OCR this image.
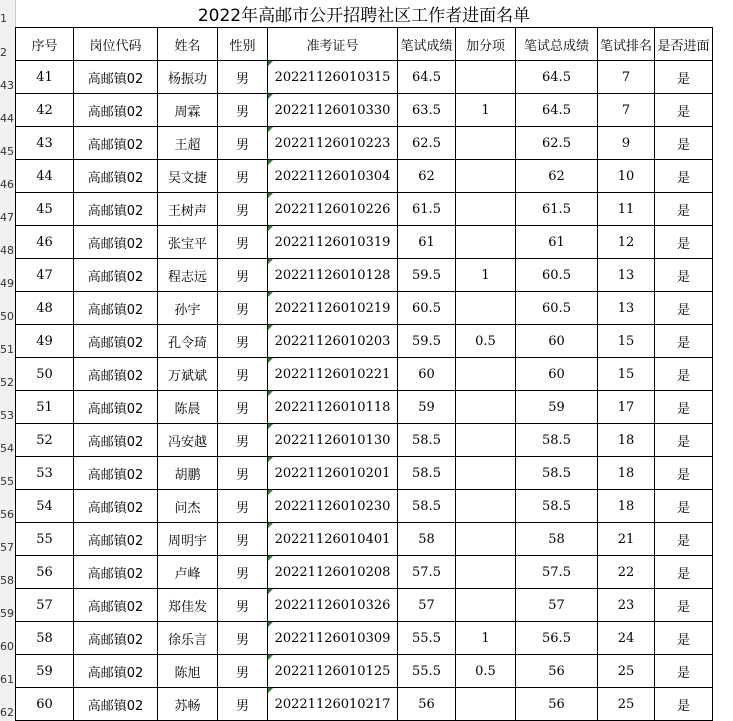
1
2
43
44
45
46
47
48
49
50
51
52
53
54
55
56
57
58
59
60
61
62
2022年高邮市公开招聘社区工作者进面名单									
序号	岗位代码	姓名	性别	准考证号	笔试成绩	加分项	笔试总成绩	笔试排名	是否进面
41	高邮镇02	杨振功	男	20221126010315	64.5		64.5	7	是
42	高邮镇02	周霖	男	20221126010330	63.5	1	64.5	7	是
43	高邮镇02	王超	男	20221126010223	62.5		62.5	9	是
44	高邮镇02	吴文捷	男	20221126010304	62		62	10	是
45	高邮镇02	王树声	男	20221126010226	61.5		61.5	11	是
46	高邮镇02	张宝平	男	20221126010319	61		61	12	是
47	高邮镇02	程志远	男	20221126010128	59.5	1	60.5	13	是
48	高邮镇02	孙宇	男	20221126010219	60.5		60.5	13	是
49	高邮镇02	孔令琦	男	20221126010203	59.5	0.5	60	15	是
50	高邮镇02	万斌斌	男	20221126010221	60		60	15	是
51	高邮镇02	陈晨	男	20221126010118	59		59	17	是
52	高邮镇02	冯安越	男	20221126010130	58.5		58.5	18	是
53	高邮镇02	胡鹏	男	20221126010201	58.5		58.5	18	是
54	高邮镇02	问杰	男	20221126010230	58.5		58.5	18	是
55	高邮镇02	周明宇	男	20221126010401	58		58	21	是
56	高邮镇02	卢峰	男	20221126010208	57.5		57.5	22	是
57	高邮镇02	郑佳发	男	20221126010326	57		57	23	是
58	高邮镇02	徐乐言	男	20221126010309	55.5	1	56.5	24	是
59	高邮镇02	陈旭	男	20221126010125	55.5	0.5	56	25	是
60	高邮镇02	苏畅	男	20221126010217	56		56	25	是
